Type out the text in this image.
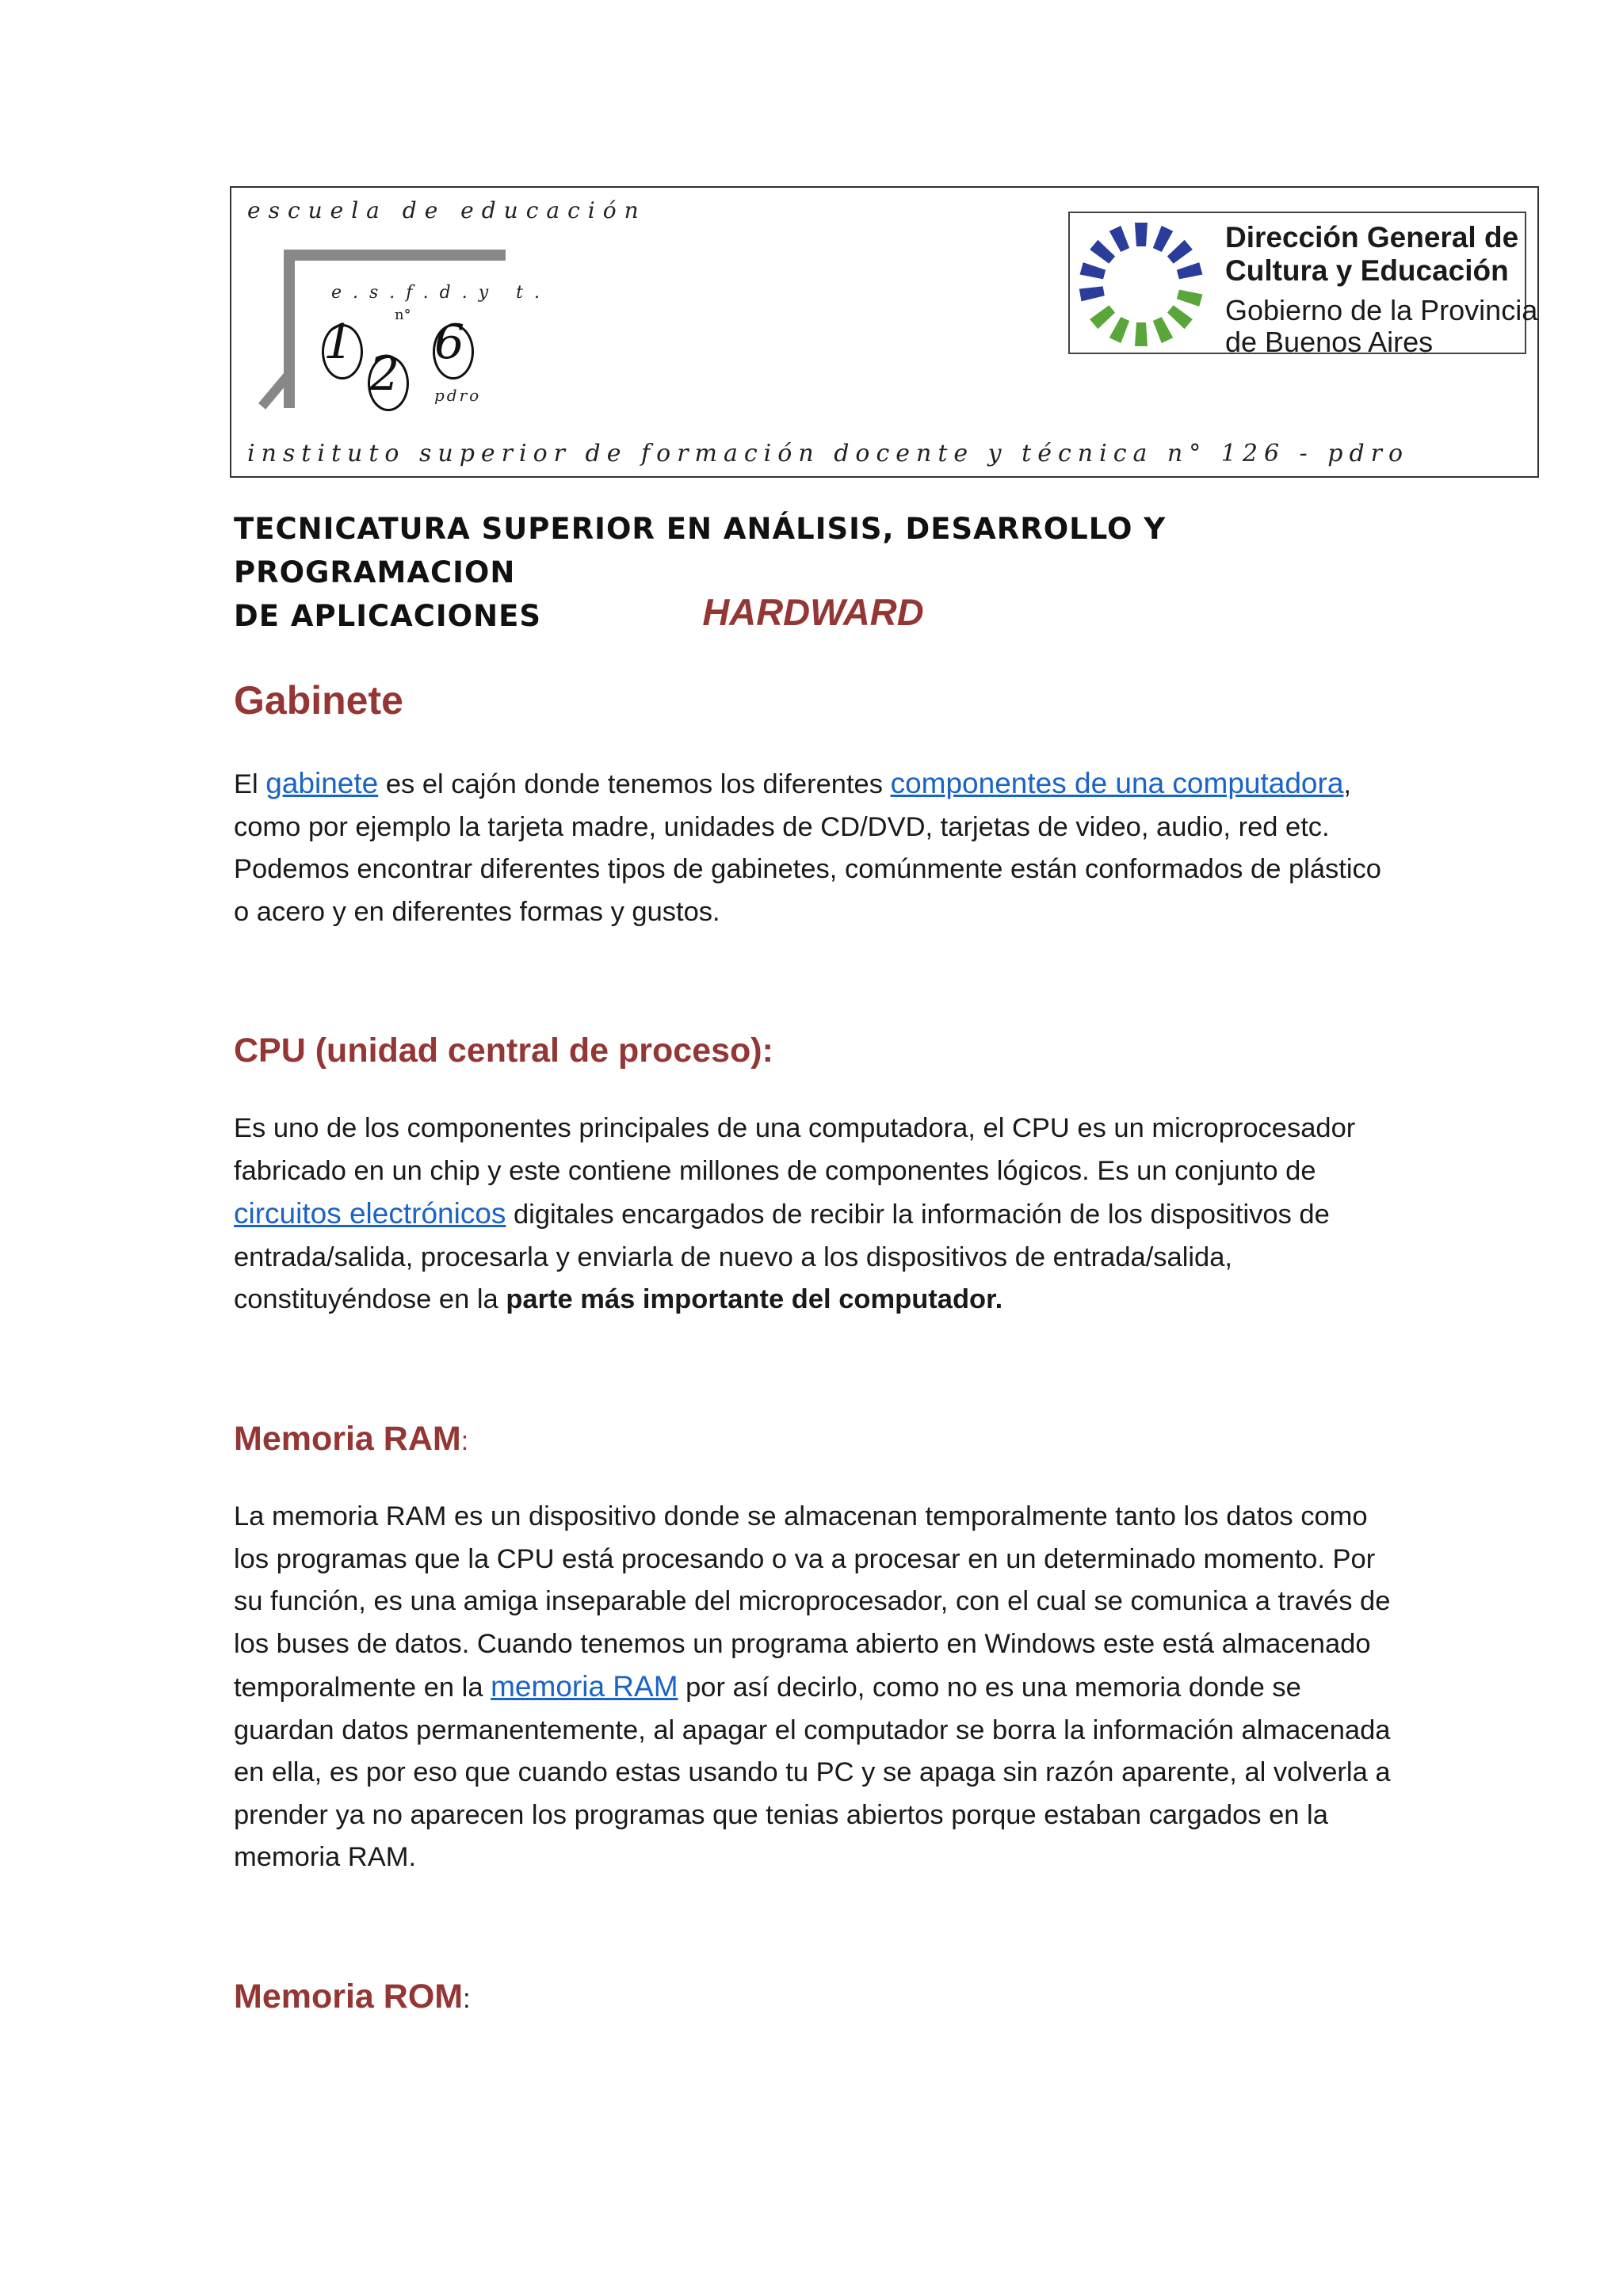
escuela de educación
e.s.f.d.y t.
n°
1
2
6
pdro
Dirección General de
Cultura y Educación
Gobierno de la Provincia
de Buenos Aires
instituto superior de formación docente y técnica n° 126 - pdro
TECNICATURA SUPERIOR EN ANÁLISIS, DESARROLLO Y PROGRAMACION
DE APLICACIONES	HARDWARD
Gabinete
El gabinete es el cajón donde tenemos los diferentes componentes de una computadora, como por ejemplo la tarjeta madre, unidades de CD/DVD, tarjetas de video, audio, red etc. Podemos encontrar diferentes tipos de gabinetes, comúnmente están conformados de plástico o acero y en diferentes formas y gustos.
CPU (unidad central de proceso):
Es uno de los componentes principales de una computadora, el CPU es un microprocesador fabricado en un chip y este contiene millones de componentes lógicos. Es un conjunto de circuitos electrónicos digitales encargados de recibir la información de los dispositivos de entrada/salida, procesarla y enviarla de nuevo a los dispositivos de entrada/salida, constituyéndose en la parte más importante del computador.
Memoria RAM:
La memoria RAM es un dispositivo donde se almacenan temporalmente tanto los datos como los programas que la CPU está procesando o va a procesar en un determinado momento. Por su función, es una amiga inseparable del microprocesador, con el cual se comunica a través de los buses de datos. Cuando tenemos un programa abierto en Windows este está almacenado temporalmente en la memoria RAM por así decirlo, como no es una memoria donde se guardan datos permanentemente, al apagar el computador se borra la información almacenada en ella, es por eso que cuando estas usando tu PC y se apaga sin razón aparente, al volverla a prender ya no aparecen los programas que tenias abiertos porque estaban cargados en la memoria RAM.
Memoria ROM:
